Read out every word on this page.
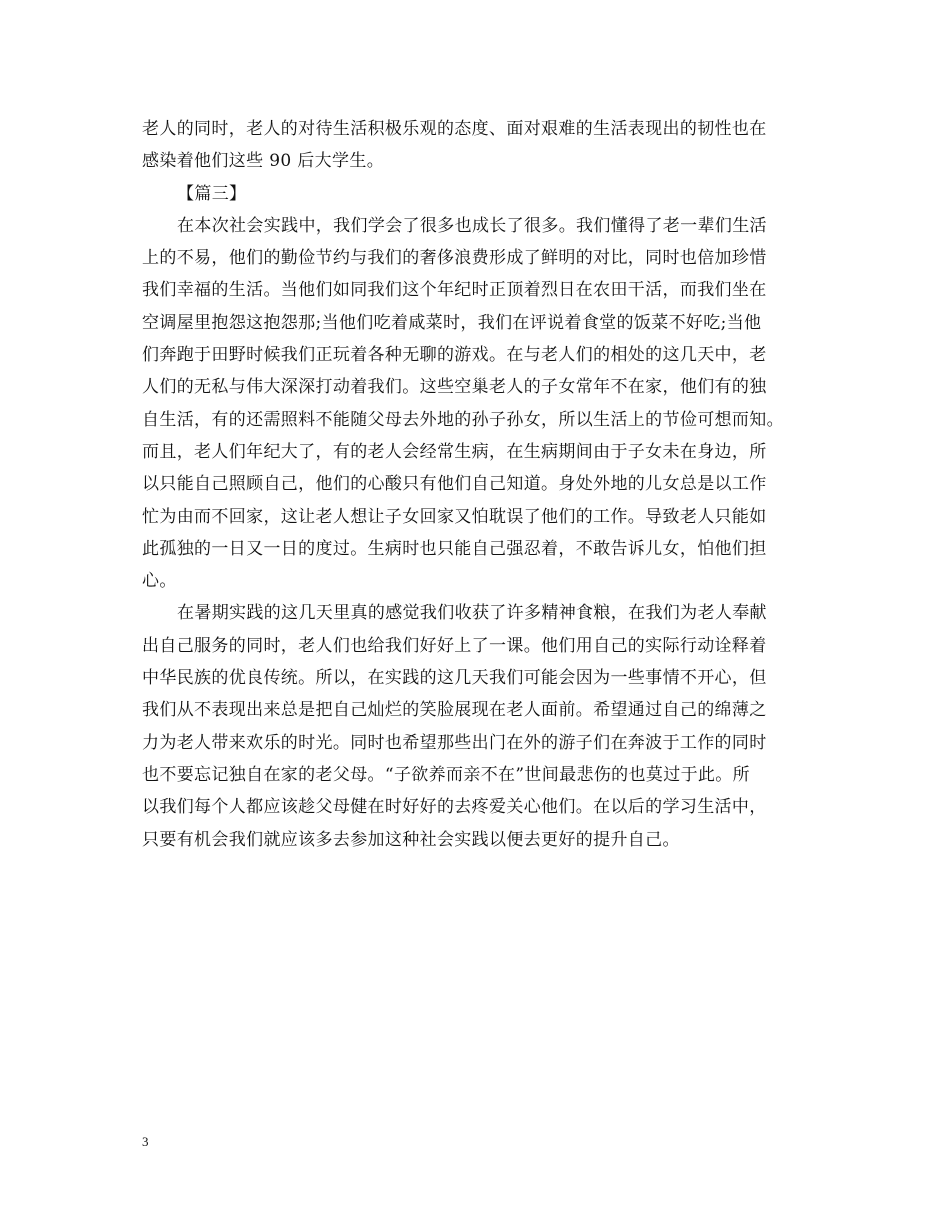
老人的同时，老人的对待生活积极乐观的态度、面对艰难的生活表现出的韧性也在
感染着他们这些 90 后大学生。
【篇三】
在本次社会实践中，我们学会了很多也成长了很多。我们懂得了老一辈们生活
上的不易，他们的勤俭节约与我们的奢侈浪费形成了鲜明的对比，同时也倍加珍惜
我们幸福的生活。当他们如同我们这个年纪时正顶着烈日在农田干活，而我们坐在
空调屋里抱怨这抱怨那;当他们吃着咸菜时，我们在评说着食堂的饭菜不好吃;当他
们奔跑于田野时候我们正玩着各种无聊的游戏。在与老人们的相处的这几天中，老
人们的无私与伟大深深打动着我们。这些空巢老人的子女常年不在家，他们有的独
自生活，有的还需照料不能随父母去外地的孙子孙女，所以生活上的节俭可想而知。
而且，老人们年纪大了，有的老人会经常生病，在生病期间由于子女未在身边，所
以只能自己照顾自己，他们的心酸只有他们自己知道。身处外地的儿女总是以工作
忙为由而不回家，这让老人想让子女回家又怕耽误了他们的工作。导致老人只能如
此孤独的一日又一日的度过。生病时也只能自己强忍着，不敢告诉儿女，怕他们担
心。
在暑期实践的这几天里真的感觉我们收获了许多精神食粮，在我们为老人奉献
出自己服务的同时，老人们也给我们好好上了一课。他们用自己的实际行动诠释着
中华民族的优良传统。所以，在实践的这几天我们可能会因为一些事情不开心，但
我们从不表现出来总是把自己灿烂的笑脸展现在老人面前。希望通过自己的绵薄之
力为老人带来欢乐的时光。同时也希望那些出门在外的游子们在奔波于工作的同时
也不要忘记独自在家的老父母。“子欲养而亲不在”世间最悲伤的也莫过于此。所
以我们每个人都应该趁父母健在时好好的去疼爱关心他们。在以后的学习生活中，
只要有机会我们就应该多去参加这种社会实践以便去更好的提升自己。
3
